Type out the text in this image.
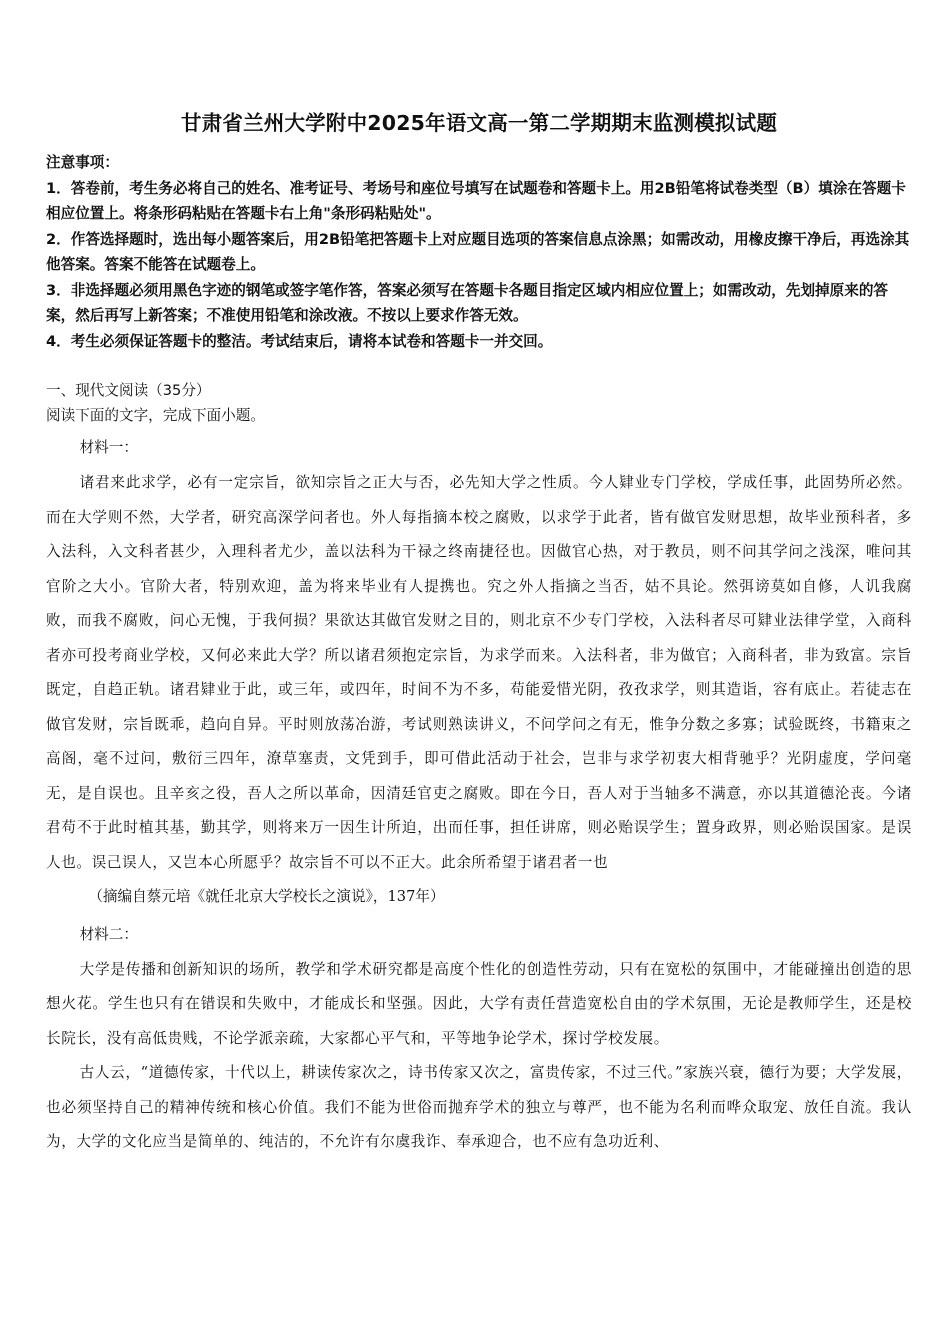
甘肃省兰州大学附中2025年语文高一第二学期期末监测模拟试题

注意事项：

1．答卷前，考生务必将自己的姓名、准考证号、考场号和座位号填写在试题卷和答题卡上。用2B铅笔将试卷类型（B）填涂在答题卡相应位置上。将条形码粘贴在答题卡右上角"条形码粘贴处"。

2．作答选择题时，选出每小题答案后，用2B铅笔把答题卡上对应题目选项的答案信息点涂黑；如需改动，用橡皮擦干净后，再选涂其他答案。答案不能答在试题卷上。

3．非选择题必须用黑色字迹的钢笔或签字笔作答，答案必须写在答题卡各题目指定区域内相应位置上；如需改动，先划掉原来的答案，然后再写上新答案；不准使用铅笔和涂改液。不按以上要求作答无效。

4．考生必须保证答题卡的整洁。考试结束后，请将本试卷和答题卡一并交回。

一、现代文阅读（35分）

阅读下面的文字，完成下面小题。

材料一：

诸君来此求学，必有一定宗旨，欲知宗旨之正大与否，必先知大学之性质。今人肄业专门学校，学成任事，此固势所必然。而在大学则不然，大学者，研究高深学问者也。外人每指摘本校之腐败，以求学于此者，皆有做官发财思想，故毕业预科者，多入法科，入文科者甚少，入理科者尤少，盖以法科为干禄之终南捷径也。因做官心热，对于教员，则不问其学问之浅深，唯问其官阶之大小。官阶大者，特别欢迎，盖为将来毕业有人提携也。究之外人指摘之当否，姑不具论。然弭谤莫如自修，人讥我腐败，而我不腐败，问心无愧，于我何损？果欲达其做官发财之目的，则北京不少专门学校，入法科者尽可肄业法律学堂，入商科者亦可投考商业学校，又何必来此大学？所以诸君须抱定宗旨，为求学而来。入法科者，非为做官；入商科者，非为致富。宗旨既定，自趋正轨。诸君肄业于此，或三年，或四年，时间不为不多，苟能爱惜光阴，孜孜求学，则其造诣，容有底止。若徒志在做官发财，宗旨既乖，趋向自异。平时则放荡冶游，考试则熟读讲义，不问学问之有无，惟争分数之多寡；试验既终，书籍束之高阁，毫不过问，敷衍三四年，潦草塞责，文凭到手，即可借此活动于社会，岂非与求学初衷大相背驰乎？光阴虚度，学问毫无，是自误也。且辛亥之役，吾人之所以革命，因清廷官吏之腐败。即在今日，吾人对于当轴多不满意，亦以其道德沦丧。今诸君苟不于此时植其基，勤其学，则将来万一因生计所迫，出而任事，担任讲席，则必贻误学生；置身政界，则必贻误国家。是误人也。误己误人，又岂本心所愿乎？故宗旨不可以不正大。此余所希望于诸君者一也

（摘编自蔡元培《就任北京大学校长之演说》，137年）

材料二：

大学是传播和创新知识的场所，教学和学术研究都是高度个性化的创造性劳动，只有在宽松的氛围中，才能碰撞出创造的思想火花。学生也只有在错误和失败中，才能成长和坚强。因此，大学有责任营造宽松自由的学术氛围，无论是教师学生，还是校长院长，没有高低贵贱，不论学派亲疏，大家都心平气和，平等地争论学术，探讨学校发展。

古人云，“道德传家，十代以上，耕读传家次之，诗书传家又次之，富贵传家，不过三代。”家族兴衰，德行为要；大学发展，也必须坚持自己的精神传统和核心价值。我们不能为世俗而抛弃学术的独立与尊严，也不能为名利而哗众取宠、放任自流。我认为，大学的文化应当是简单的、纯洁的，不允许有尔虞我诈、奉承迎合，也不应有急功近利、
